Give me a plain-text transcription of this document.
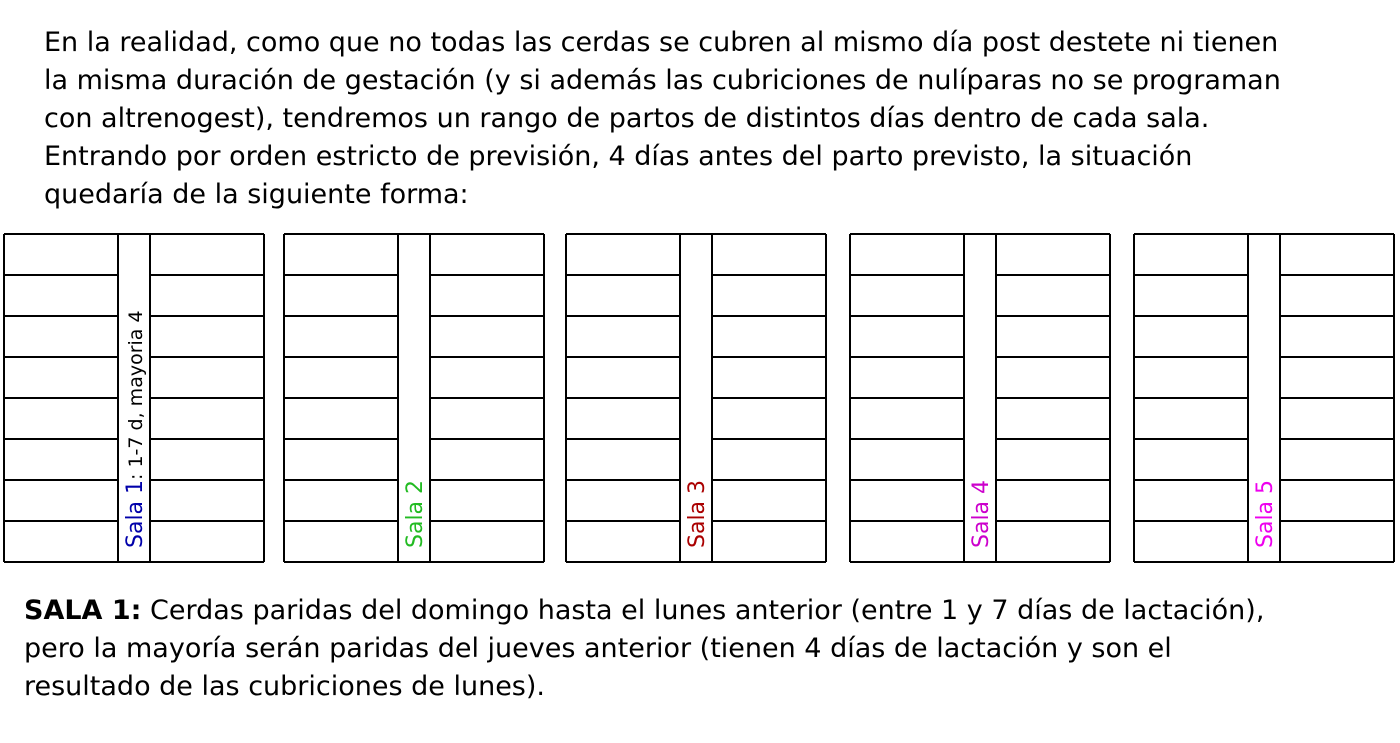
En la realidad, como que no todas las cerdas se cubren al mismo día post destete ni tienen
la misma duración de gestación (y si además las cubriciones de nulíparas no se programan
con altrenogest), tendremos un rango de partos de distintos días dentro de cada sala.
Entrando por orden estricto de previsión, 4 días antes del parto previsto, la situación
quedaría de la siguiente forma:
Sala 1: 1-7 d, mayoria 4
Sala 2	Sala 3	Sala 4	Sala 5
SALA 1: Cerdas paridas del domingo hasta el lunes anterior (entre 1 y 7 días de lactación),
pero la mayoría serán paridas del jueves anterior (tienen 4 días de lactación y son el
resultado de las cubriciones de lunes).
